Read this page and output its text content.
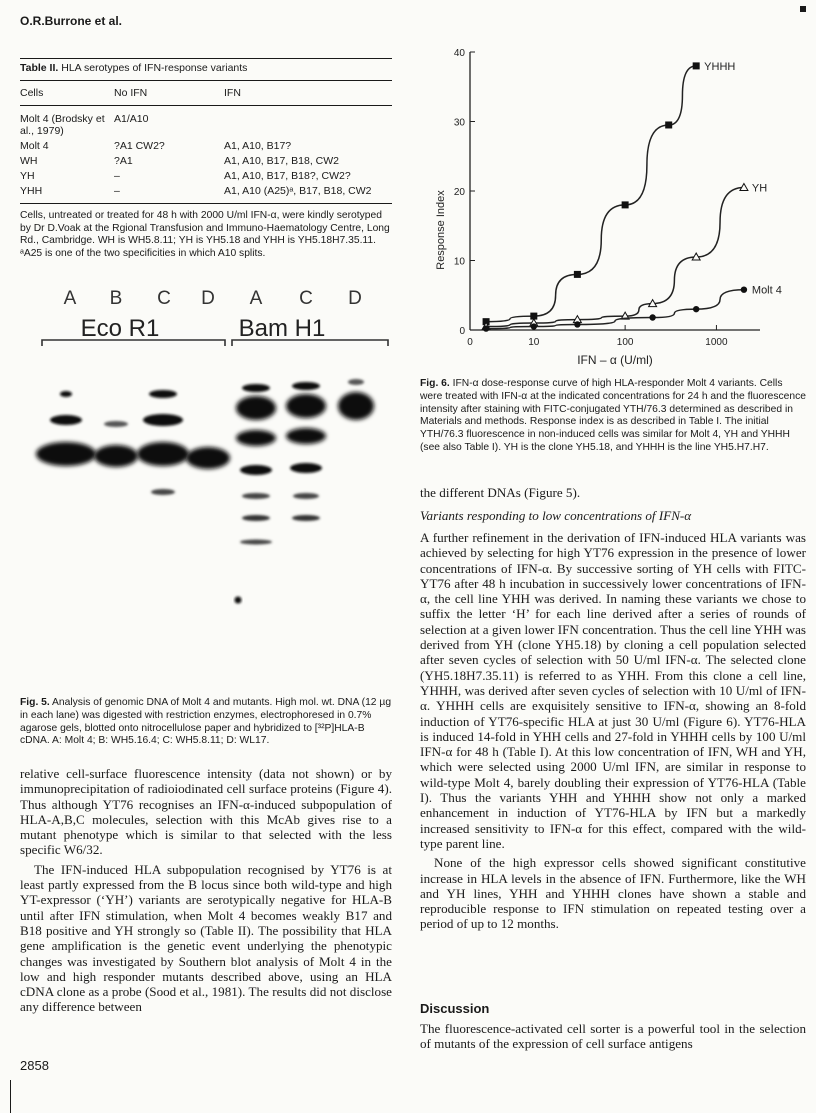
O.R.Burrone et al.
Table II. HLA serotypes of IFN-response variants
Cells	No IFN	IFN
Molt 4 (Brodsky et al., 1979)	A1/A10	
Molt 4	?A1 CW2?	A1, A10, B17?
WH	?A1	A1, A10, B17, B18, CW2
YH	–	A1, A10, B17, B18?, CW2?
YHH	–	A1, A10 (A25)ᵃ, B17, B18, CW2

Cells, untreated or treated for 48 h with 2000 U/ml IFN-α, were kindly serotyped by Dr D.Voak at the Rgional Transfusion and Immuno-Haematology Centre, Long Rd., Cambridge. WH is WH5.8.11; YH is YH5.18 and YHH is YH5.18H7.35.11.

ᵃA25 is one of the two specificities in which A10 splits.

A B C D A C D
Eco R1	Bam H1
Fig. 5. Analysis of genomic DNA of Molt 4 and mutants. High mol. wt. DNA (12 µg in each lane) was digested with restriction enzymes, electrophoresed in 0.7% agarose gels, blotted onto nitrocellulose paper and hybridized to [³²P]HLA-B cDNA. A: Molt 4; B: WH5.16.4; C: WH5.8.11; D: WL17.
0
10
20
30
40
0	10	100	1000
YHHH
YH
Molt 4
Response Index
IFN – α (U/ml)
Fig. 6. IFN-α dose-response curve of high HLA-responder Molt 4 variants. Cells were treated with IFN-α at the indicated concentrations for 24 h and the fluorescence intensity after staining with FITC-conjugated YTH/76.3 determined as described in Materials and methods. Response index is as described in Table I. The initial YTH/76.3 fluorescence in non-induced cells was similar for Molt 4, YH and YHHH (see also Table I). YH is the clone YH5.18, and YHHH is the line YH5.H7.H7.

relative cell-surface fluorescence intensity (data not shown) or by immunoprecipitation of radioiodinated cell surface proteins (Figure 4). Thus although YT76 recognises an IFN-α-induced subpopulation of HLA-A,B,C molecules, selection with this McAb gives rise to a mutant phenotype which is similar to that selected with the less specific W6/32.

The IFN-induced HLA subpopulation recognised by YT76 is at least partly expressed from the B locus since both wild-type and high YT-expressor (‘YH’) variants are serotypically negative for HLA-B until after IFN stimulation, when Molt 4 becomes weakly B17 and B18 positive and YH strongly so (Table II). The possibility that HLA gene amplification is the genetic event underlying the phenotypic changes was investigated by Southern blot analysis of Molt 4 in the low and high responder mutants described above, using an HLA cDNA clone as a probe (Sood et al., 1981). The results did not disclose any difference between

the different DNAs (Figure 5).
Variants responding to low concentrations of IFN-α

A further refinement in the derivation of IFN-induced HLA variants was achieved by selecting for high YT76 expression in the presence of lower concentrations of IFN-α. By successive sorting of YH cells with FITC-YT76 after 48 h incubation in successively lower concentrations of IFN-α, the cell line YHH was derived. In naming these variants we chose to suffix the letter ‘H’ for each line derived after a series of rounds of selection at a given lower IFN concentration. Thus the cell line YHH was derived from YH (clone YH5.18) by cloning a cell population selected after seven cycles of selection with 50 U/ml IFN-α. The selected clone (YH5.18H7.35.11) is referred to as YHH. From this clone a cell line, YHHH, was derived after seven cycles of selection with 10 U/ml of IFN-α. YHHH cells are exquisitely sensitive to IFN-α, showing an 8-fold induction of YT76-specific HLA at just 30 U/ml (Figure 6). YT76-HLA is induced 14-fold in YHH cells and 27-fold in YHHH cells by 100 U/ml IFN-α for 48 h (Table I). At this low concentration of IFN, WH and YH, which were selected using 2000 U/ml IFN, are similar in response to wild-type Molt 4, barely doubling their expression of YT76-HLA (Table I). Thus the variants YHH and YHHH show not only a marked enhancement in induction of YT76-HLA by IFN but a markedly increased sensitivity to IFN-α for this effect, compared with the wild-type parent line.

None of the high expressor cells showed significant constitutive increase in HLA levels in the absence of IFN. Furthermore, like the WH and YH lines, YHH and YHHH clones have shown a stable and reproducible response to IFN stimulation on repeated testing over a period of up to 12 months.

Discussion
The fluorescence-activated cell sorter is a powerful tool in the selection of mutants of the expression of cell surface antigens
2858
